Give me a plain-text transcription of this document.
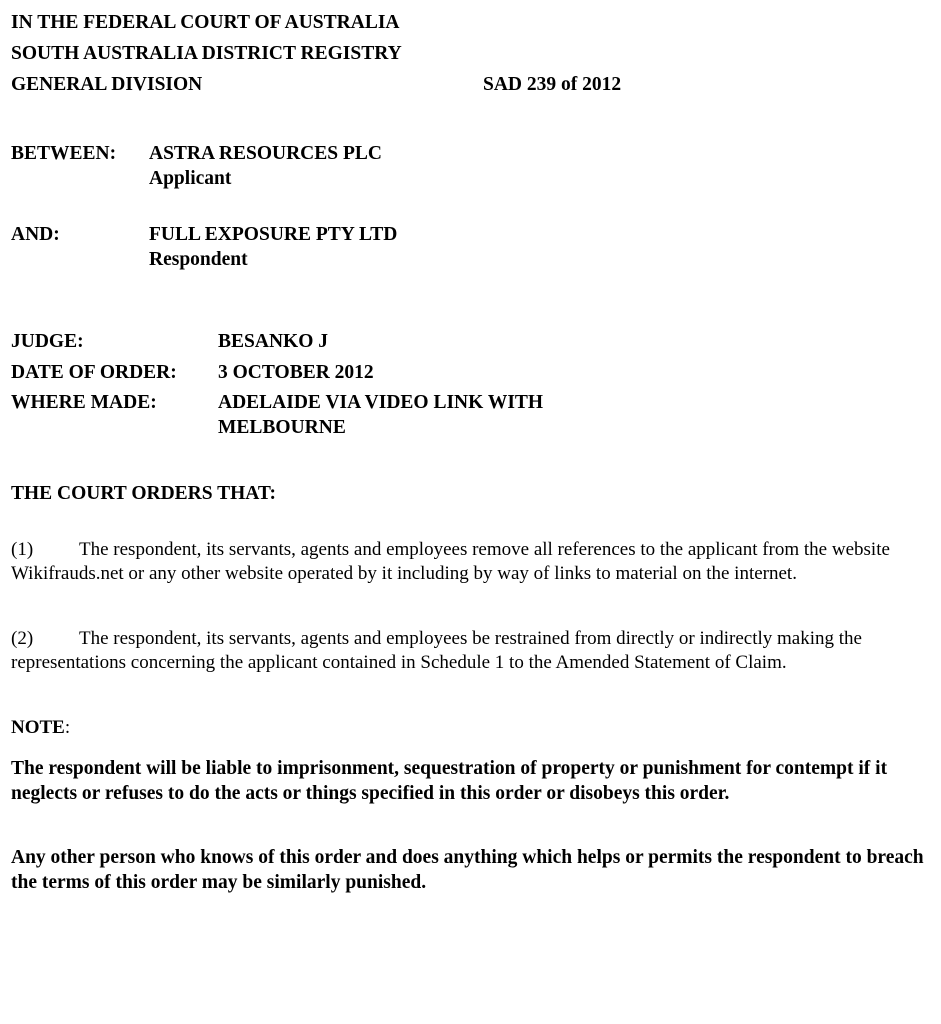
IN THE FEDERAL COURT OF AUSTRALIA
SOUTH AUSTRALIA DISTRICT REGISTRY
GENERAL DIVISION	SAD 239 of 2012
BETWEEN: ASTRA RESOURCES PLC
Applicant
AND:	FULL EXPOSURE PTY LTD
Respondent
JUDGE:	BESANKO J
DATE OF ORDER: 3 OCTOBER 2012
WHERE MADE:	ADELAIDE VIA VIDEO LINK WITH
MELBOURNE
THE COURT ORDERS THAT:
(1) The respondent, its servants, agents and employees remove all references to the applicant from the website Wikifrauds.net or any other website operated by it including by way of links to material on the internet.
(2) The respondent, its servants, agents and employees be restrained from directly or indirectly making the representations concerning the applicant contained in Schedule 1 to the Amended Statement of Claim.
NOTE:
The respondent will be liable to imprisonment, sequestration of property or punishment for contempt if it neglects or refuses to do the acts or things specified in this order or disobeys this order.
Any other person who knows of this order and does anything which helps or permits the respondent to breach the terms of this order may be similarly punished.
